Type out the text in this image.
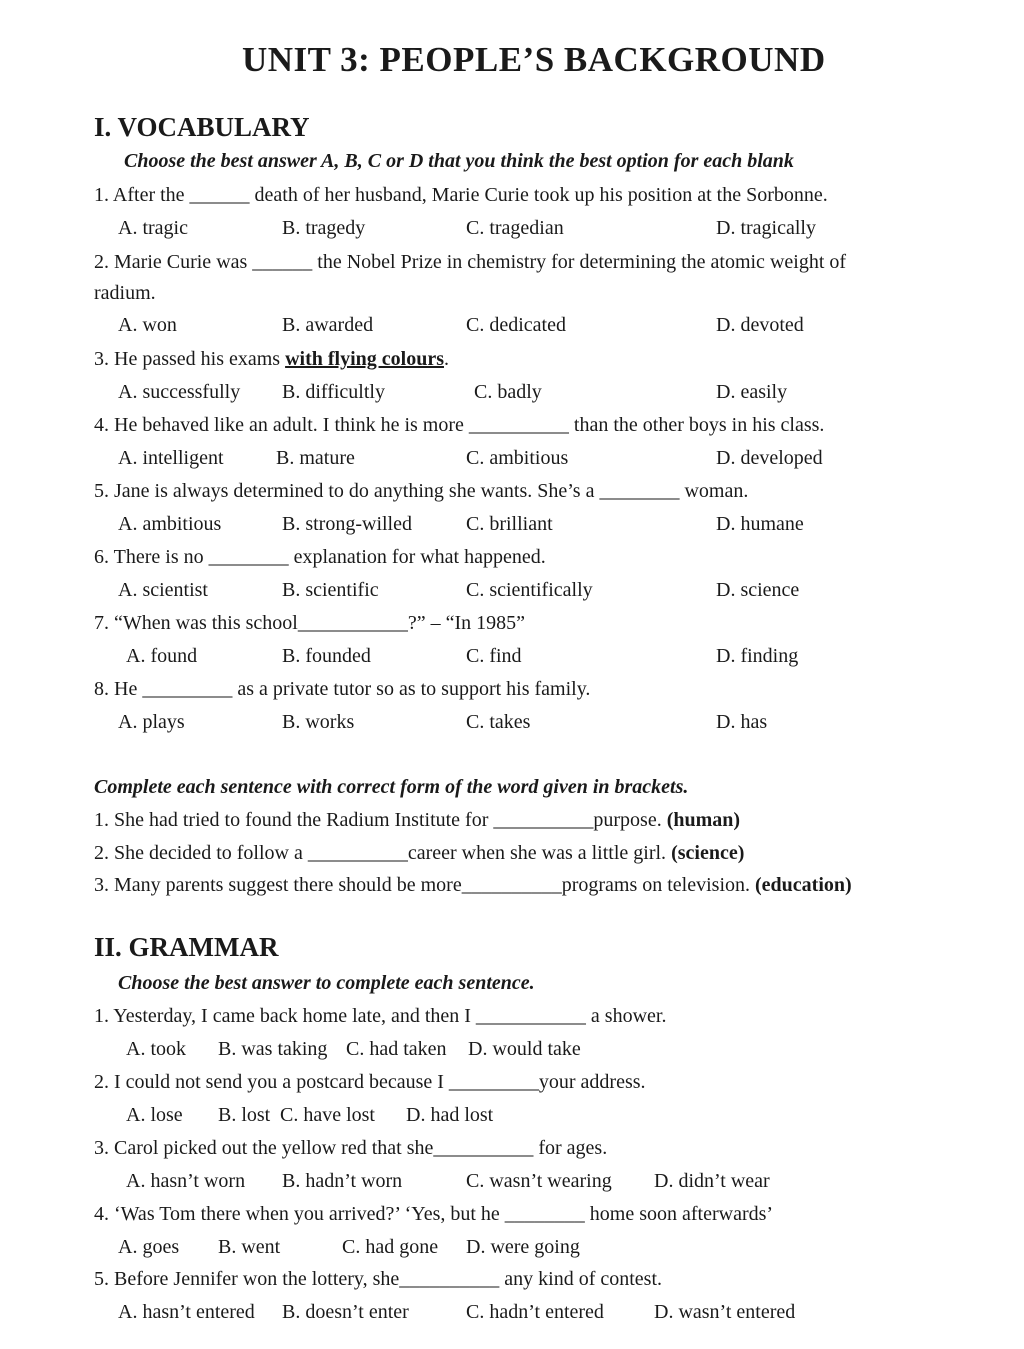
UNIT 3: PEOPLE’S BACKGROUND
I. VOCABULARY
Choose the best answer A, B, C or D that you think the best option for each blank
1. After the ______ death of her husband, Marie Curie took up his position at the Sorbonne.
A. tragic	B. tragedy	C. tragedian	D. tragically
2. Marie Curie was ______ the Nobel Prize in chemistry for determining the atomic weight of
radium.
A. won	B. awarded	C. dedicated	D. devoted
3. He passed his exams with flying colours.
A. successfully B. difficultly	C. badly	D. easily
4. He behaved like an adult. I think he is more __________ than the other boys in his class.
A. intelligent	B. mature	C. ambitious	D. developed
5. Jane is always determined to do anything she wants. She’s a ________ woman.
A. ambitious	B. strong-willed	C. brilliant	D. humane
6. There is no ________ explanation for what happened.
A. scientist	B. scientific	C. scientifically	D. science
7. “When was this school___________?” – “In 1985”
A. found	B. founded	C. find	D. finding
8. He _________ as a private tutor so as to support his family.
A. plays	B. works	C. takes	D. has
Complete each sentence with correct form of the word given in brackets.
1. She had tried to found the Radium Institute for __________purpose. (human)
2. She decided to follow a __________career when she was a little girl. (science)
3. Many parents suggest there should be more__________programs on television. (education)
II. GRAMMAR
Choose the best answer to complete each sentence.
1. Yesterday, I came back home late, and then I ___________ a shower.
A. took B. was taking C. had taken D. would take
2. I could not send you a postcard because I _________your address.
A. lose B. lost C. have lost D. had lost
3. Carol picked out the yellow red that she__________ for ages.
A. hasn’t worn B. hadn’t worn	C. wasn’t wearing D. didn’t wear
4. ‘Was Tom there when you arrived?’ ‘Yes, but he ________ home soon afterwards’
A. goes B. went	C. had gone D. were going
5. Before Jennifer won the lottery, she__________ any kind of contest.
A. hasn’t entered B. doesn’t enter	C. hadn’t entered	D. wasn’t entered
